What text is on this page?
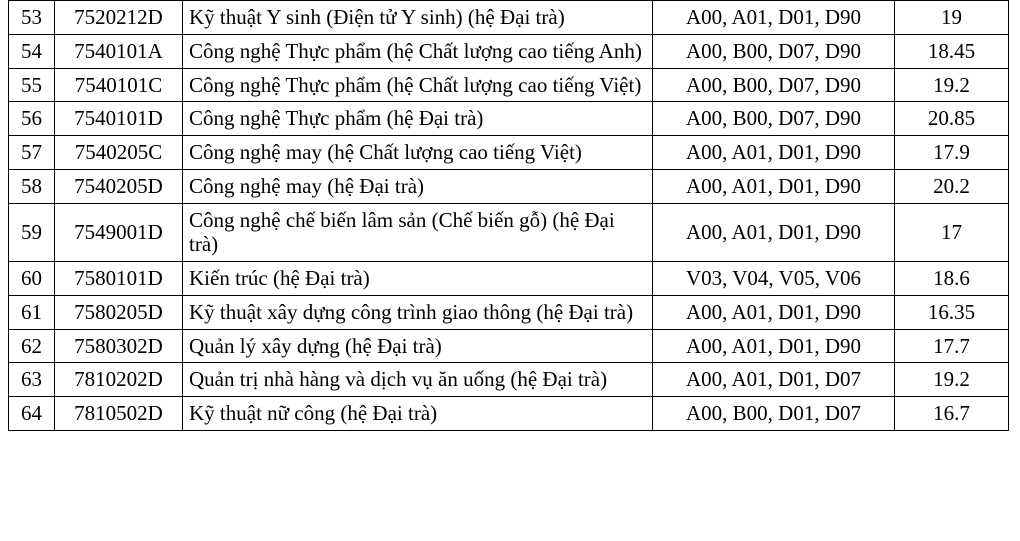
53	7520212D	Kỹ thuật Y sinh (Điện tử Y sinh) (hệ Đại trà)	A00, A01, D01, D90	19
54	7540101A	Công nghệ Thực phẩm (hệ Chất lượng cao tiếng Anh)	A00, B00, D07, D90	18.45
55	7540101C	Công nghệ Thực phẩm (hệ Chất lượng cao tiếng Việt)	A00, B00, D07, D90	19.2
56	7540101D	Công nghệ Thực phẩm (hệ Đại trà)	A00, B00, D07, D90	20.85
57	7540205C	Công nghệ may (hệ Chất lượng cao tiếng Việt)	A00, A01, D01, D90	17.9
58	7540205D	Công nghệ may (hệ Đại trà)	A00, A01, D01, D90	20.2
59	7549001D	Công nghệ chế biến lâm sản (Chế biến gỗ) (hệ Đại trà)	A00, A01, D01, D90	17
60	7580101D	Kiến trúc (hệ Đại trà)	V03, V04, V05, V06	18.6
61	7580205D	Kỹ thuật xây dựng công trình giao thông (hệ Đại trà)	A00, A01, D01, D90	16.35
62	7580302D	Quản lý xây dựng (hệ Đại trà)	A00, A01, D01, D90	17.7
63	7810202D	Quản trị nhà hàng và dịch vụ ăn uống (hệ Đại trà)	A00, A01, D01, D07	19.2
64	7810502D	Kỹ thuật nữ công (hệ Đại trà)	A00, B00, D01, D07	16.7
